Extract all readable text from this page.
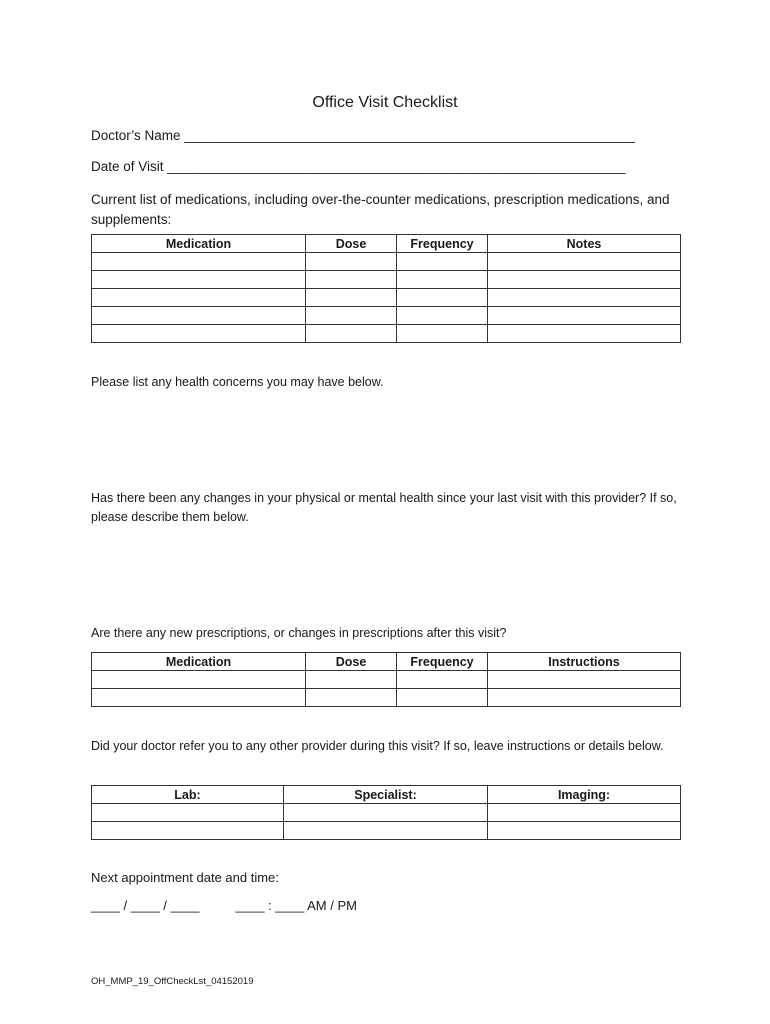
Office Visit Checklist
Doctor’s Name ____________________________________________________________
Date of Visit _____________________________________________________________
Current list of medications, including over-the-counter medications, prescription medications, and supplements:
Medication	Dose	Frequency	Notes

Please list any health concerns you may have below.
Has there been any changes in your physical or mental health since your last visit with this provider? If so, please describe them below.
Are there any new prescriptions, or changes in prescriptions after this visit?
Medication	Dose	Frequency	Instructions

Did your doctor refer you to any other provider during this visit? If so, leave instructions or details below.
Lab:	Specialist:	Imaging:

Next appointment date and time:
____ / ____ / ____          ____ : ____ AM / PM
OH_MMP_19_OffCheckLst_04152019
